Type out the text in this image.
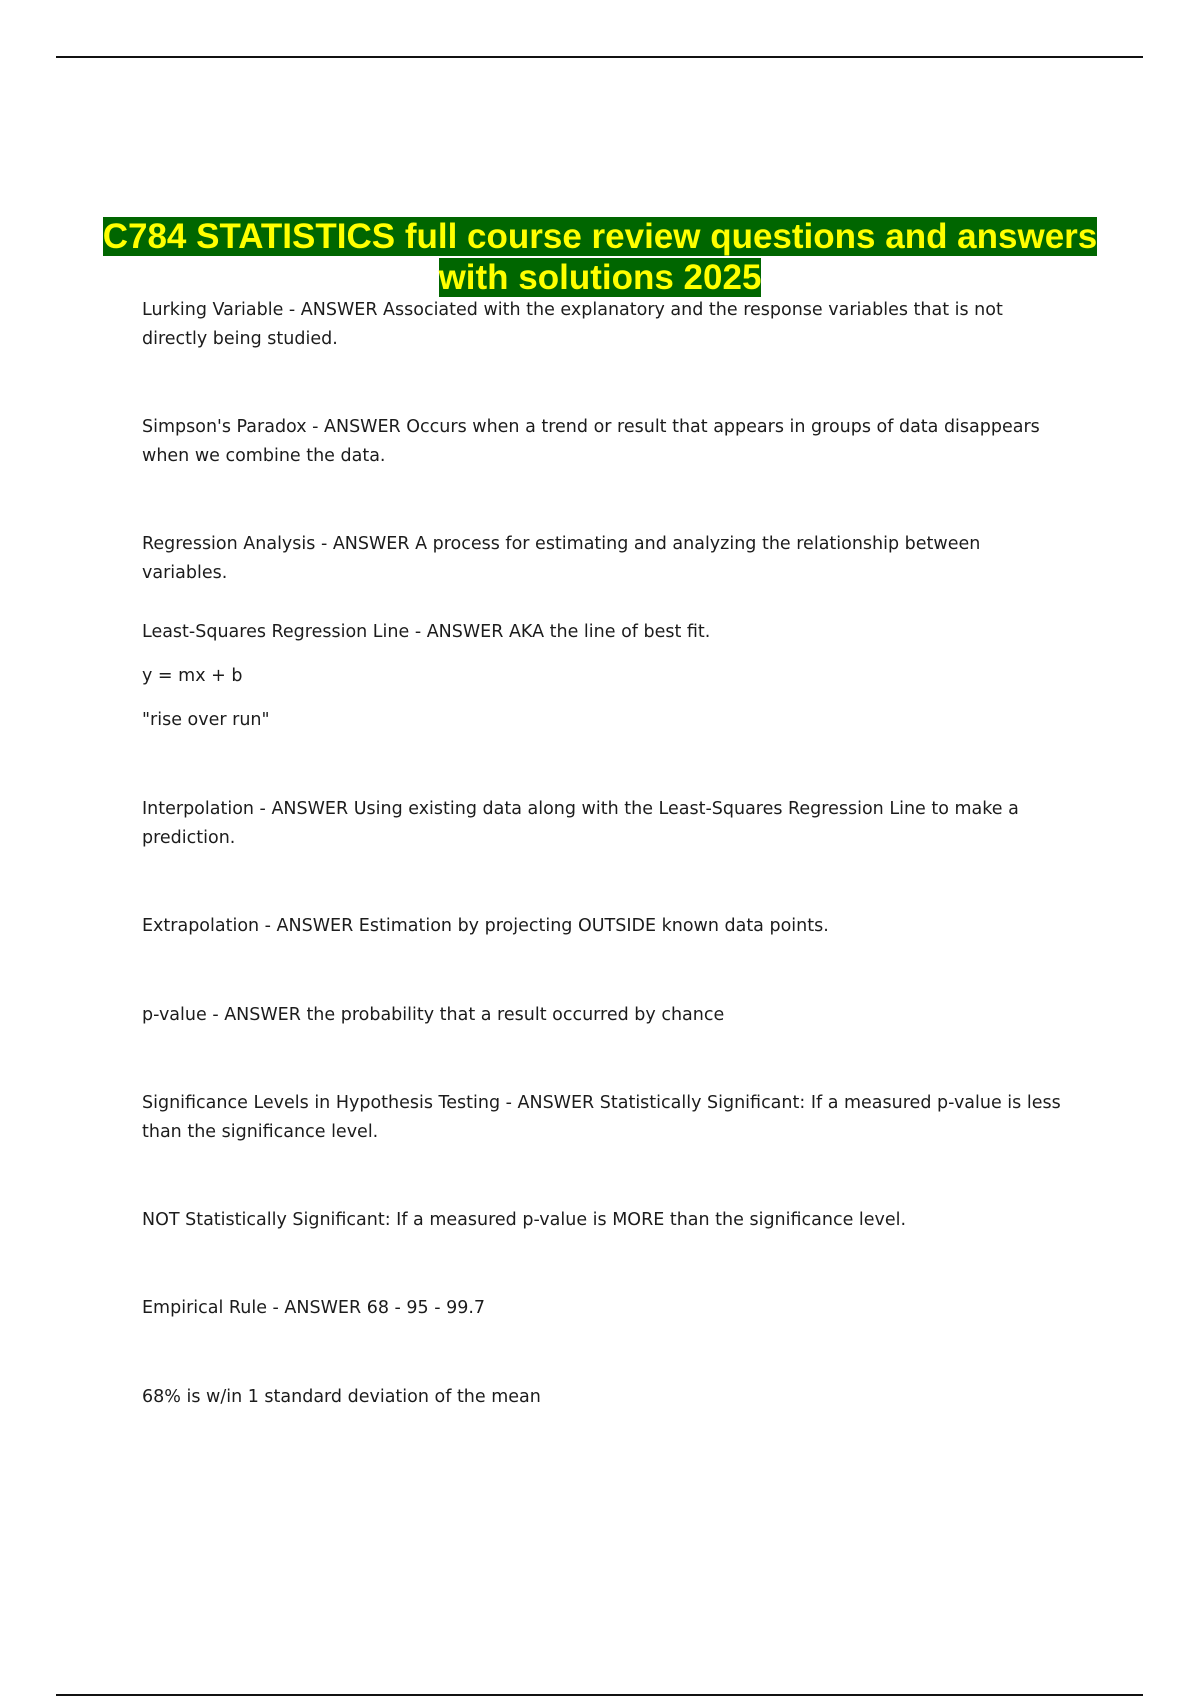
C784 STATISTICS full course review questions and answers with solutions 2025

Lurking Variable - ANSWER Associated with the explanatory and the response variables that is not directly being studied.

Simpson's Paradox - ANSWER Occurs when a trend or result that appears in groups of data disappears when we combine the data.

Regression Analysis - ANSWER A process for estimating and analyzing the relationship between variables.

Least-Squares Regression Line - ANSWER AKA the line of best fit.

y = mx + b

"rise over run"

Interpolation - ANSWER Using existing data along with the Least-Squares Regression Line to make a prediction.

Extrapolation - ANSWER Estimation by projecting OUTSIDE known data points.

p-value - ANSWER the probability that a result occurred by chance

Significance Levels in Hypothesis Testing - ANSWER Statistically Significant: If a measured p-value is less than the significance level.

NOT Statistically Significant: If a measured p-value is MORE than the significance level.

Empirical Rule - ANSWER 68 - 95 - 99.7

68% is w/in 1 standard deviation of the mean
